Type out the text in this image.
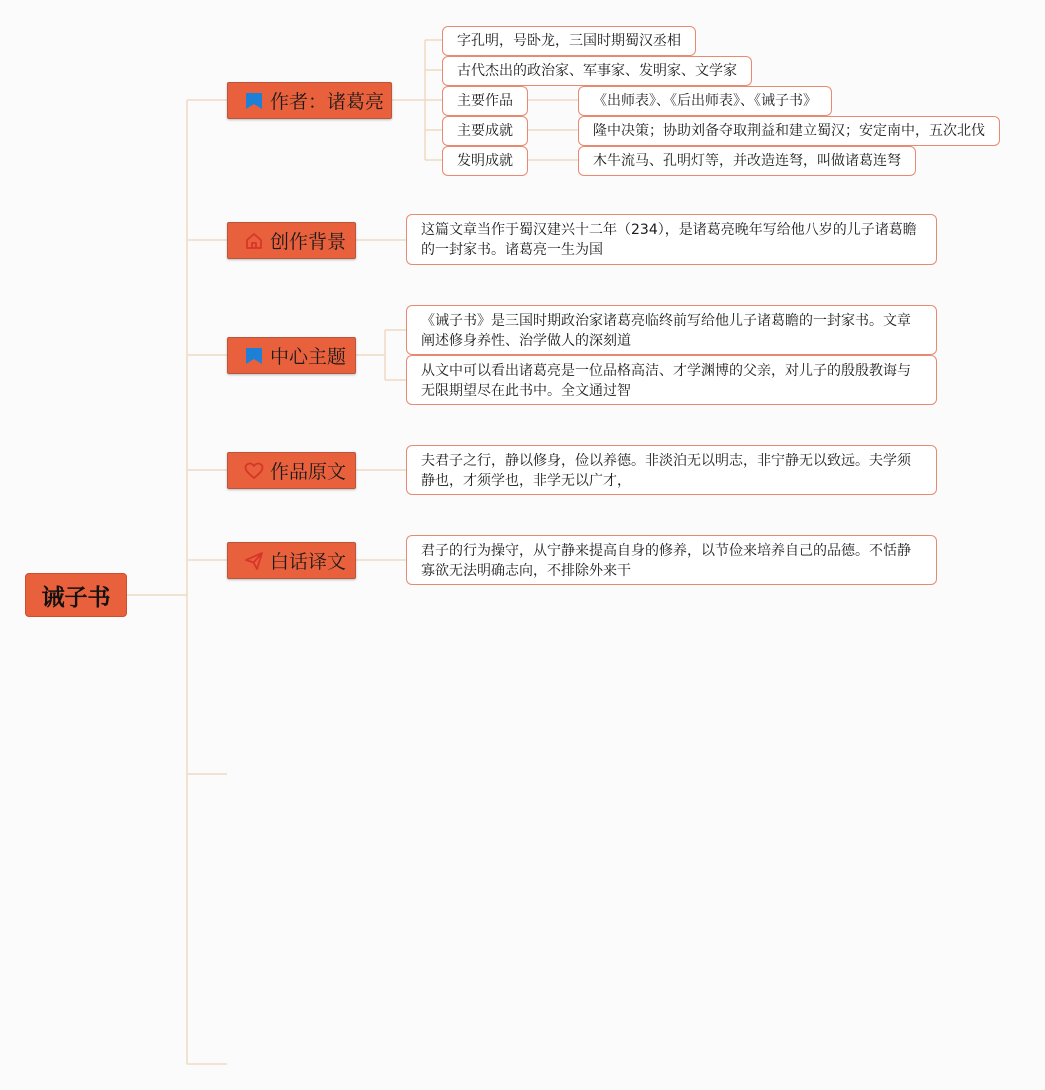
诫子书
作者：诸葛亮
字孔明，号卧龙，三国时期蜀汉丞相
古代杰出的政治家、军事家、发明家、文学家
主要作品	《出师表》、《后出师表》、《诫子书》
主要成就	隆中决策；协助刘备夺取荆益和建立蜀汉；安定南中，五次北伐
发明成就	木牛流马、孔明灯等，并改造连弩，叫做诸葛连弩
创作背景
这篇文章当作于蜀汉建兴十二年（234），是诸葛亮晚年写给他八岁的儿子诸葛瞻的一封家书。诸葛亮一生为国
中心主题
《诫子书》是三国时期政治家诸葛亮临终前写给他儿子诸葛瞻的一封家书。文章阐述修身养性、治学做人的深刻道
从文中可以看出诸葛亮是一位品格高洁、才学渊博的父亲，对儿子的殷殷教诲与无限期望尽在此书中。全文通过智
作品原文	夫君子之行，静以修身，俭以养德。非淡泊无以明志，非宁静无以致远。夫学须静也，才须学也，非学无以广才，
白话译文	君子的行为操守，从宁静来提高自身的修养，以节俭来培养自己的品德。不恬静寡欲无法明确志向，不排除外来干
